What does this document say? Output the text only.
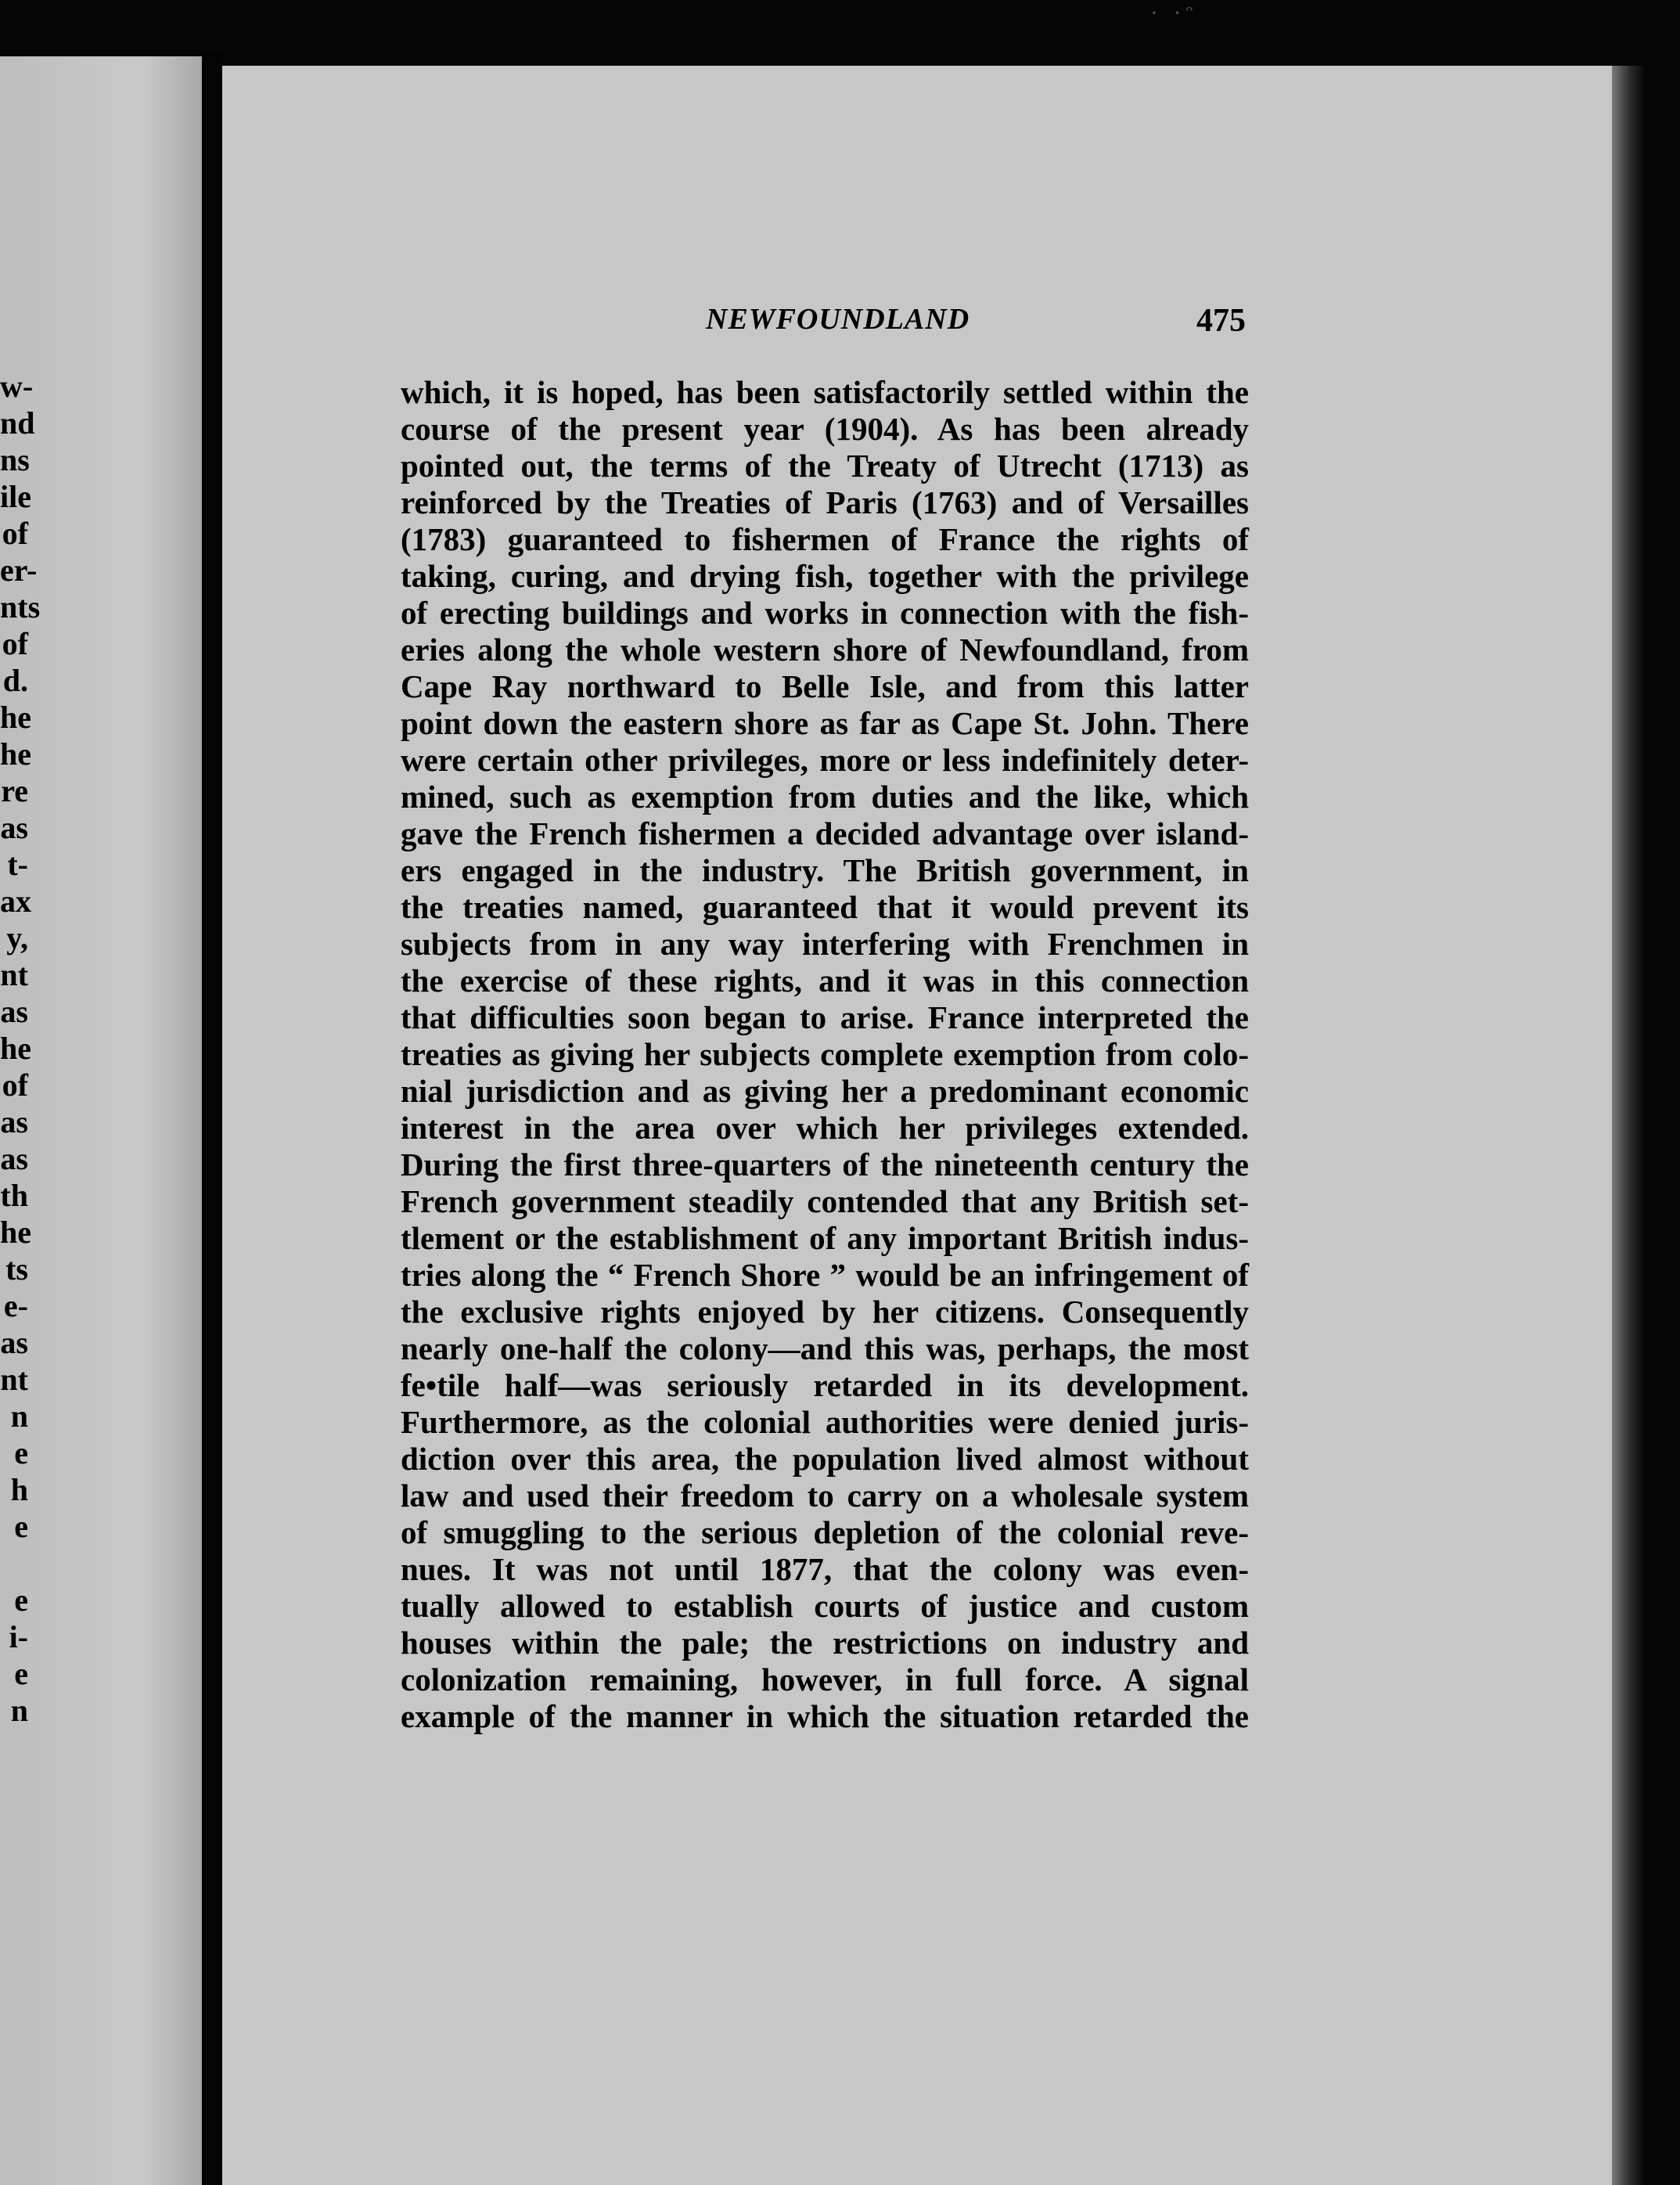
· ·ᵔ
w-
nd
ns
ile
of
er-
nts
of
d.
he
he
re
as
t-
ax
y,
nt
as
he
of
as
as
th
he
ts
e-
as
nt
n
e
h
e
e
i-
e
n
NEWFOUNDLAND	475
which, it is hoped, has been satisfactorily settled within the
course of the present year (1904). As has been already
pointed out, the terms of the Treaty of Utrecht (1713) as
reinforced by the Treaties of Paris (1763) and of Versailles
(1783) guaranteed to fishermen of France the rights of
taking, curing, and drying fish, together with the privilege
of erecting buildings and works in connection with the fish-
eries along the whole western shore of Newfoundland, from
Cape Ray northward to Belle Isle, and from this latter
point down the eastern shore as far as Cape St. John. There
were certain other privileges, more or less indefinitely deter-
mined, such as exemption from duties and the like, which
gave the French fishermen a decided advantage over island-
ers engaged in the industry. The British government, in
the treaties named, guaranteed that it would prevent its
subjects from in any way interfering with Frenchmen in
the exercise of these rights, and it was in this connection
that difficulties soon began to arise. France interpreted the
treaties as giving her subjects complete exemption from colo-
nial jurisdiction and as giving her a predominant economic
interest in the area over which her privileges extended.
During the first three-quarters of the nineteenth century the
French government steadily contended that any British set-
tlement or the establishment of any important British indus-
tries along the “ French Shore ” would be an infringement of
the exclusive rights enjoyed by her citizens. Consequently
nearly one-half the colony—and this was, perhaps, the most
fe•tile half—was seriously retarded in its development.
Furthermore, as the colonial authorities were denied juris-
diction over this area, the population lived almost without
law and used their freedom to carry on a wholesale system
of smuggling to the serious depletion of the colonial reve-
nues. It was not until 1877, that the colony was even-
tually allowed to establish courts of justice and custom
houses within the pale; the restrictions on industry and
colonization remaining, however, in full force. A signal
example of the manner in which the situation retarded the
